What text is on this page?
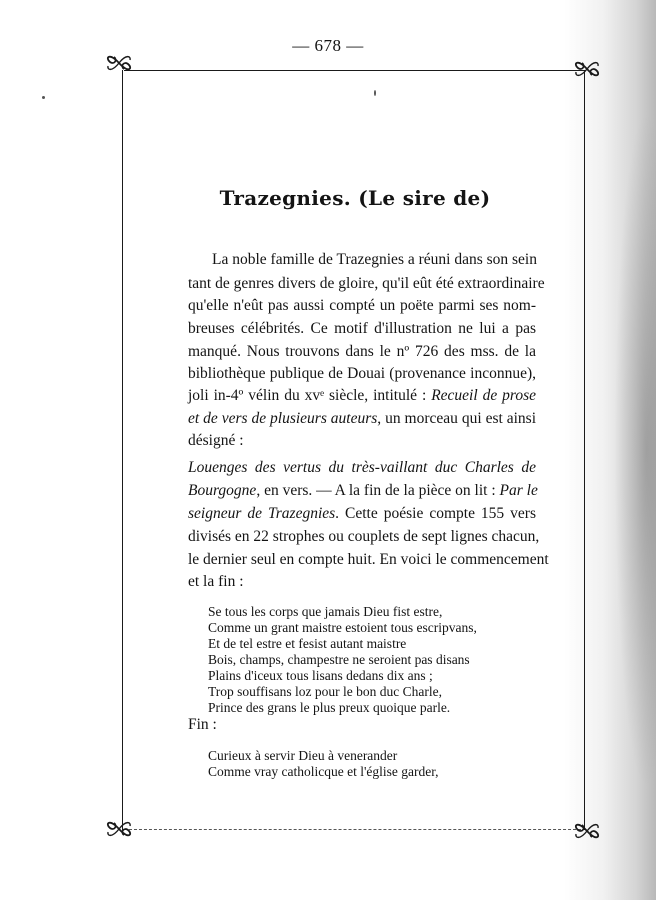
— 678 —
Trazegnies. (Le sire de)
La noble famille de Trazegnies a réuni dans son sein
tant de genres divers de gloire, qu'il eût été extraordinaire
qu'elle n'eût pas aussi compté un poëte parmi ses nom-
breuses célébrités. Ce motif d'illustration ne lui a pas
manqué. Nous trouvons dans le nº 726 des mss. de la
bibliothèque publique de Douai (provenance inconnue),
joli in-4º vélin du xvᵉ siècle, intitulé : Recueil de prose
et de vers de plusieurs auteurs, un morceau qui est ainsi
désigné :
Louenges des vertus du très-vaillant duc Charles de
Bourgogne, en vers. — A la fin de la pièce on lit : Par le
seigneur de Trazegnies. Cette poésie compte 155 vers
divisés en 22 strophes ou couplets de sept lignes chacun,
le dernier seul en compte huit. En voici le commencement
et la fin :
Se tous les corps que jamais Dieu fist estre,
Comme un grant maistre estoient tous escripvans,
Et de tel estre et fesist autant maistre
Bois, champs, champestre ne seroient pas disans
Plains d'iceux tous lisans dedans dix ans ;
Trop souffisans loz pour le bon duc Charle,
Prince des grans le plus preux quoique parle.
Fin :
Curieux à servir Dieu à venerander
Comme vray catholicque et l'église garder,
